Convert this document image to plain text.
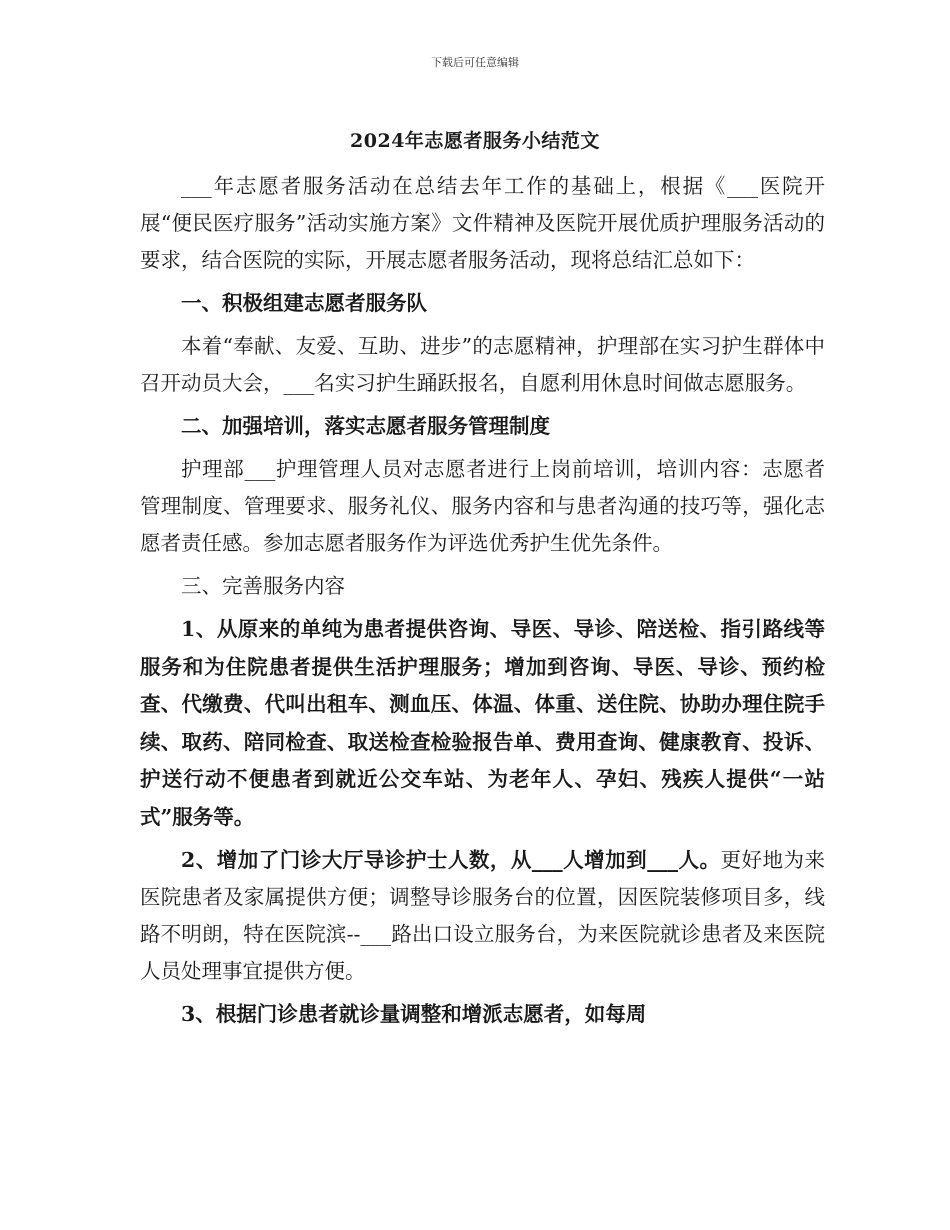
下载后可任意编辑
2024年志愿者服务小结范文

___年志愿者服务活动在总结去年工作的基础上，根据《___医院开展“便民医疗服务”活动实施方案》文件精神及医院开展优质护理服务活动的要求，结合医院的实际，开展志愿者服务活动，现将总结汇总如下：

一、积极组建志愿者服务队

本着“奉献、友爱、互助、进步”的志愿精神，护理部在实习护生群体中召开动员大会，___名实习护生踊跃报名，自愿利用休息时间做志愿服务。

二、加强培训，落实志愿者服务管理制度

护理部___护理管理人员对志愿者进行上岗前培训，培训内容：志愿者管理制度、管理要求、服务礼仪、服务内容和与患者沟通的技巧等，强化志愿者责任感。参加志愿者服务作为评选优秀护生优先条件。

三、完善服务内容

1、从原来的单纯为患者提供咨询、导医、导诊、陪送检、指引路线等服务和为住院患者提供生活护理服务；增加到咨询、导医、导诊、预约检查、代缴费、代叫出租车、测血压、体温、体重、送住院、协助办理住院手续、取药、陪同检查、取送检查检验报告单、费用查询、健康教育、投诉、护送行动不便患者到就近公交车站、为老年人、孕妇、残疾人提供“一站式”服务等。

2、增加了门诊大厅导诊护士人数，从___人增加到___人。更好地为来医院患者及家属提供方便；调整导诊服务台的位置，因医院装修项目多，线路不明朗，特在医院滨--___路出口设立服务台，为来医院就诊患者及来医院人员处理事宜提供方便。

3、根据门诊患者就诊量调整和增派志愿者，如每周
